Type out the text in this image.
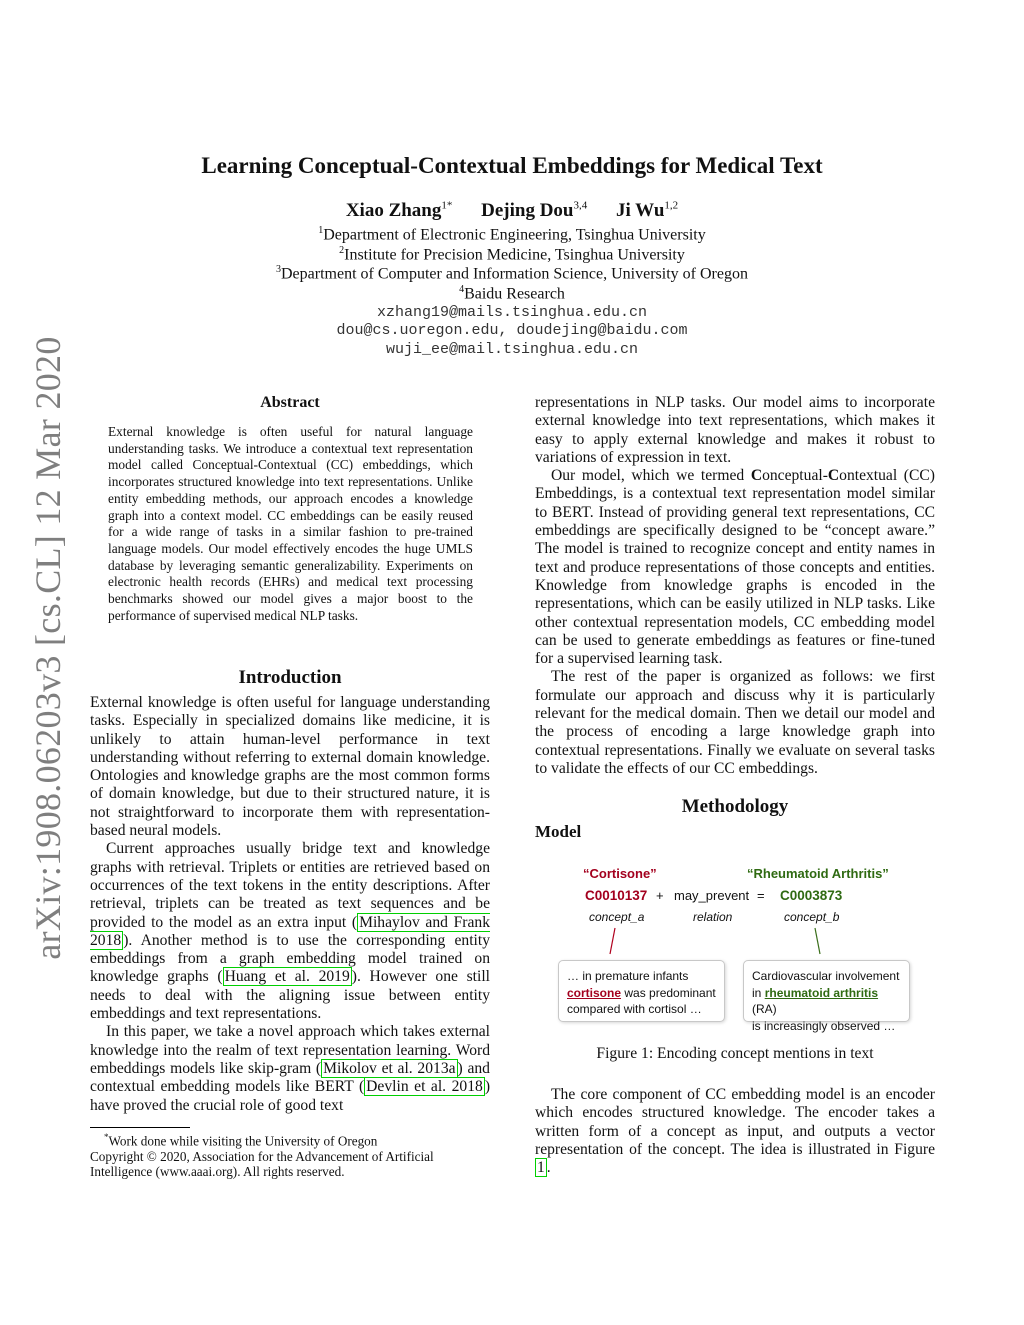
arXiv:1908.06203v3 [cs.CL] 12 Mar 2020
Learning Conceptual-Contextual Embeddings for Medical Text
Xiao Zhang$^{1*}$ Dejing Dou$^{3,4}$ Ji Wu$^{1,2}$
$^1$Department of Electronic Engineering, Tsinghua University
$^2$Institute for Precision Medicine, Tsinghua University
$^3$Department of Computer and Information Science, University of Oregon
$^4$Baidu Research
xzhang19@mails.tsinghua.edu.cn
dou@cs.uoregon.edu, doudejing@baidu.com
wuji_ee@mail.tsinghua.edu.cn
Abstract
External knowledge is often useful for natural language understanding tasks. We introduce a contextual text representation model called Conceptual-Contextual (CC) embeddings, which incorporates structured knowledge into text representations. Unlike entity embedding methods, our approach encodes a knowledge graph into a context model. CC embeddings can be easily reused for a wide range of tasks in a similar fashion to pre-trained language models. Our model effectively encodes the huge UMLS database by leveraging semantic generalizability. Experiments on electronic health records (EHRs) and medical text processing benchmarks showed our model gives a major boost to the performance of supervised medical NLP tasks.
Introduction

External knowledge is often useful for language understanding tasks. Especially in specialized domains like medicine, it is unlikely to attain human-level performance in text understanding without referring to external domain knowledge. Ontologies and knowledge graphs are the most common forms of domain knowledge, but due to their structured nature, it is not straightforward to incorporate them with representation-based neural models.

Current approaches usually bridge text and knowledge graphs with retrieval. Triplets or entities are retrieved based on occurrences of the text tokens in the entity descriptions. After retrieval, triplets can be treated as text sequences and be provided to the model as an extra input ( Mihaylov and Frank 2018 ). Another method is to use the corresponding entity embeddings from a graph embedding model trained on knowledge graphs ( Huang et al. 2019 ). However one still needs to deal with the aligning issue between entity embeddings and text representations.

In this paper, we take a novel approach which takes external knowledge into the realm of text representation learning. Word embeddings models like skip-gram ( Mikolov et al. 2013a ) and contextual embedding models like BERT ( Devlin et al. 2018 ) have proved the crucial role of good text

*Work done while visiting the University of Oregon
Copyright © 2020, Association for the Advancement of Artificial Intelligence (www.aaai.org). All rights reserved.

representations in NLP tasks. Our model aims to incorporate external knowledge into text representations, which makes it easy to apply external knowledge and makes it robust to variations of expression in text.

Our model, which we termed Conceptual-Contextual (CC) Embeddings, is a contextual text representation model similar to BERT. Instead of providing general text representations, CC embeddings are specifically designed to be “concept aware.” The model is trained to recognize concept and entity names in text and produce representations of those concepts and entities. Knowledge from knowledge graphs is encoded in the representations, which can be easily utilized in NLP tasks. Like other contextual representation models, CC embedding model can be used to generate embeddings as features or fine-tuned for a supervised learning task.

The rest of the paper is organized as follows: we first formulate our approach and discuss why it is particularly relevant for the medical domain. Then we detail our model and the process of encoding a large knowledge graph into contextual representations. Finally we evaluate on several tasks to validate the effects of our CC embeddings.

Methodology
Model
“Cortisone”	“Rheumatoid Arthritis”
C0010137 + may_prevent = C0003873
concept_a	relation	concept_b
… in premature infants
cortisone was predominant
compared with cortisol …
Cardiovascular involvement
in rheumatoid arthritis (RA)
is increasingly observed …
Figure 1: Encoding concept mentions in text

The core component of CC embedding model is an encoder which encodes structured knowledge. The encoder takes a written form of a concept as input, and outputs a vector representation of the concept. The idea is illustrated in Figure 1 .
